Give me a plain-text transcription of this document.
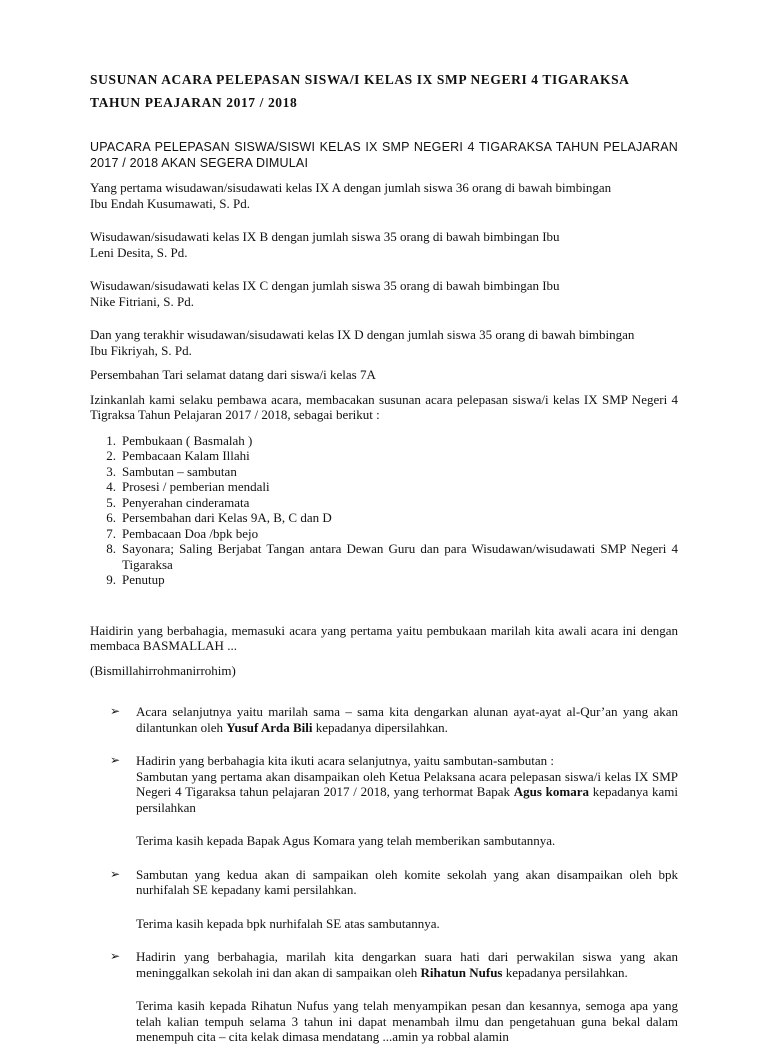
SUSUNAN ACARA PELEPASAN SISWA/I KELAS IX SMP NEGERI 4 TIGARAKSA
TAHUN PEAJARAN 2017 / 2018

UPACARA PELEPASAN SISWA/SISWI KELAS IX SMP NEGERI 4 TIGARAKSA TAHUN PELAJARAN 2017 / 2018 AKAN SEGERA DIMULAI

Yang pertama wisudawan/sisudawati kelas IX A dengan jumlah siswa 36 orang di bawah bimbingan
Ibu Endah Kusumawati, S. Pd.

Wisudawan/sisudawati kelas IX B dengan jumlah siswa 35 orang di bawah bimbingan Ibu
Leni Desita, S. Pd.

Wisudawan/sisudawati kelas IX C dengan jumlah siswa 35 orang di bawah bimbingan Ibu
Nike Fitriani, S. Pd.

Dan yang terakhir wisudawan/sisudawati kelas IX D dengan jumlah siswa 35 orang di bawah bimbingan
Ibu Fikriyah, S. Pd.

Persembahan Tari selamat datang dari siswa/i kelas 7A

Izinkanlah kami selaku pembawa acara, membacakan susunan acara pelepasan siswa/i kelas IX SMP Negeri 4 Tigraksa Tahun Pelajaran 2017 / 2018, sebagai berikut :

1. Pembukaan ( Basmalah )
2. Pembacaan Kalam Illahi
3. Sambutan – sambutan
4. Prosesi / pemberian mendali
5. Penyerahan cinderamata
6. Persembahan dari Kelas 9A, B, C dan D
7. Pembacaan Doa /bpk bejo
8. Sayonara; Saling Berjabat Tangan antara Dewan Guru dan para Wisudawan/wisudawati SMP Negeri 4 Tigaraksa
9. Penutup

Haidirin yang berbahagia, memasuki acara yang pertama yaitu pembukaan marilah kita awali acara ini dengan membaca BASMALLAH ...

(Bismillahirrohmanirrohim)

➢ Acara selanjutnya yaitu marilah sama – sama kita dengarkan alunan ayat-ayat al-Qur’an yang akan dilantunkan oleh Yusuf Arda Bili kepadanya dipersilahkan.
➢ Hadirin yang berbahagia kita ikuti acara selanjutnya, yaitu sambutan-sambutan :
Sambutan yang pertama akan disampaikan oleh Ketua Pelaksana acara pelepasan siswa/i kelas IX SMP Negeri 4 Tigaraksa tahun pelajaran 2017 / 2018, yang terhormat Bapak Agus komara kepadanya kami persilahkan

Terima kasih kepada Bapak Agus Komara yang telah memberikan sambutannya.

➢ Sambutan yang kedua akan di sampaikan oleh komite sekolah yang akan disampaikan oleh bpk nurhifalah SE kepadany kami persilahkan.

Terima kasih kepada bpk nurhifalah SE atas sambutannya.

➢ Hadirin yang berbahagia, marilah kita dengarkan suara hati dari perwakilan siswa yang akan meninggalkan sekolah ini dan akan di sampaikan oleh Rihatun Nufus kepadanya persilahkan.

Terima kasih kepada Rihatun Nufus yang telah menyampikan pesan dan kesannya, semoga apa yang telah kalian tempuh selama 3 tahun ini dapat menambah ilmu dan pengetahuan guna bekal dalam menempuh cita – cita kelak dimasa mendatang ...amin ya robbal alamin
